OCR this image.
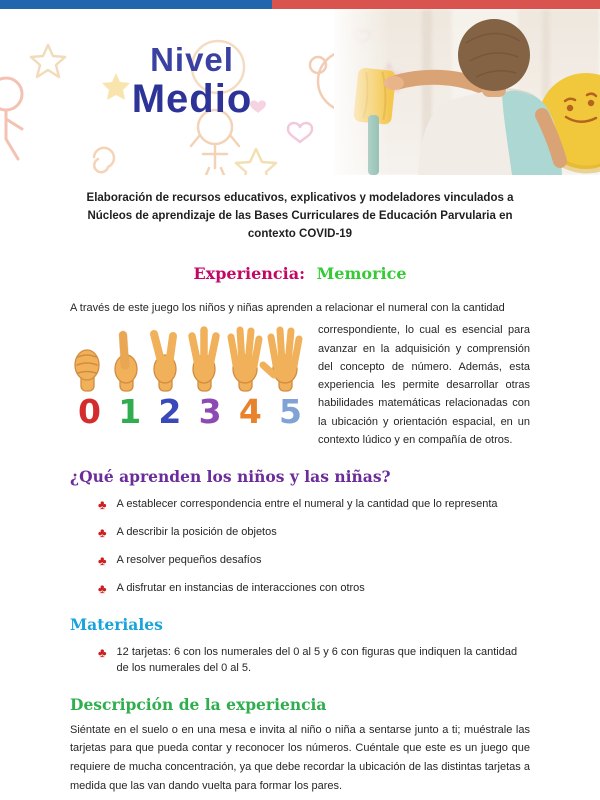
Nivel
Medio

Elaboración de recursos educativos, explicativos y modeladores vinculados a Núcleos de aprendizaje de las Bases Curriculares de Educación Parvularia en contexto COVID-19

Experiencia: Memorice

A través de este juego los niños y niñas aprenden a relacionar el numeral con la cantidad

0 1 2 3 4 5

correspondiente, lo cual es esencial para avanzar en la adquisición y comprensión del concepto de número. Además, esta experiencia les permite desarrollar otras habilidades matemáticas relacionadas con la ubicación y orientación espacial, en un contexto lúdico y en compañía de otros.

¿Qué aprenden los niños y las niñas?
♣ A establecer correspondencia entre el numeral y la cantidad que lo representa
♣ A describir la posición de objetos
♣ A resolver pequeños desafíos
♣ A disfrutar en instancias de interacciones con otros
Materiales
♣ 12 tarjetas: 6 con los numerales del 0 al 5 y 6 con figuras que indiquen la cantidad de los numerales del 0 al 5.
Descripción de la experiencia

Siéntate en el suelo o en una mesa e invita al niño o niña a sentarse junto a ti; muéstrale las tarjetas para que pueda contar y reconocer los números. Cuéntale que este es un juego que requiere de mucha concentración, ya que debe recordar la ubicación de las distintas tarjetas a medida que las van dando vuelta para formar los pares.
